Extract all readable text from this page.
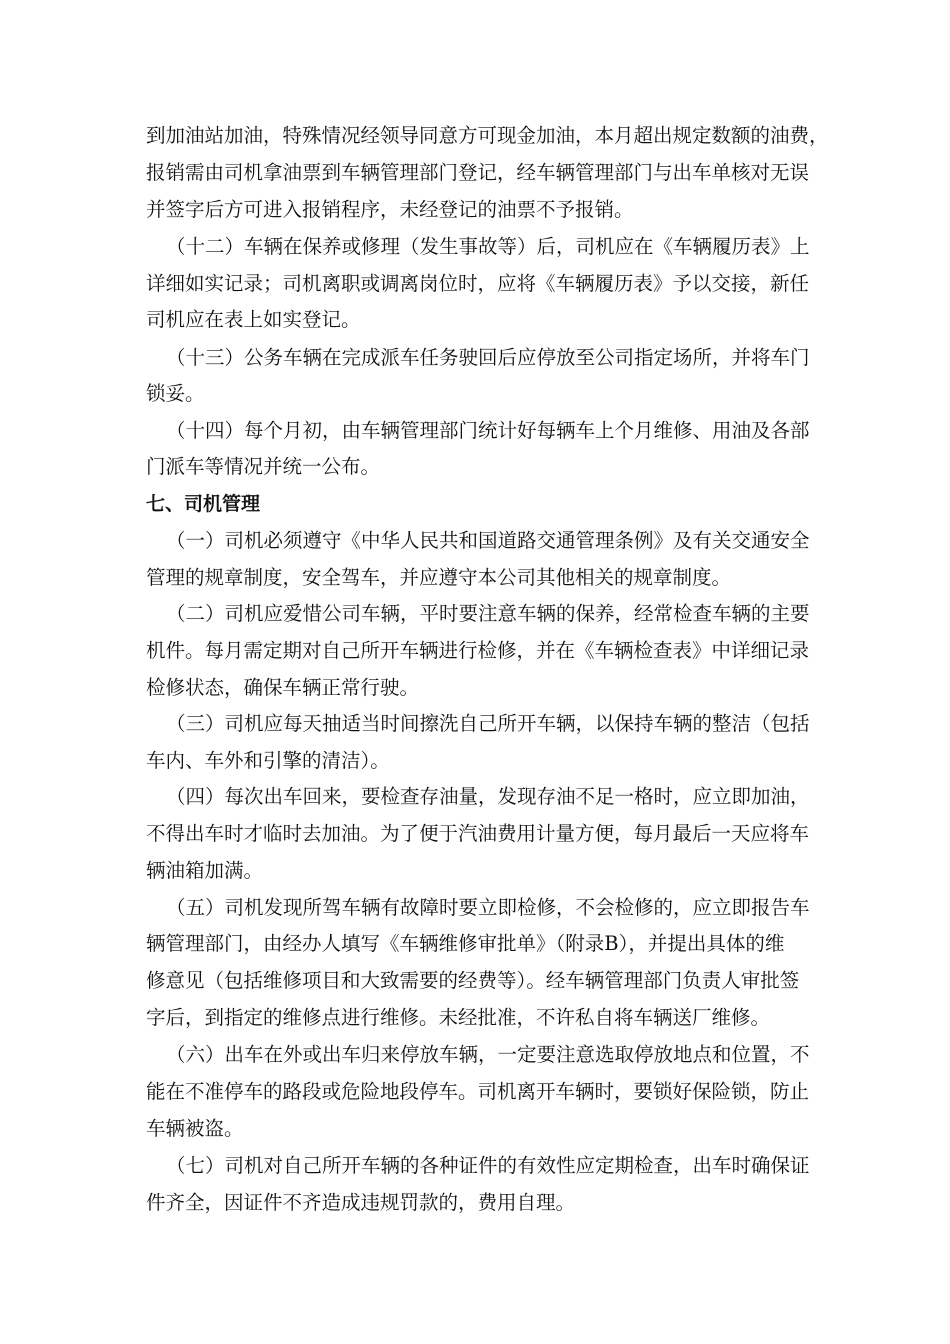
到加油站加油，特殊情况经领导同意方可现金加油，本月超出规定数额的油费，
报销需由司机拿油票到车辆管理部门登记，经车辆管理部门与出车单核对无误
并签字后方可进入报销程序，未经登记的油票不予报销。
（十二）车辆在保养或修理（发生事故等）后，司机应在《车辆履历表》上
详细如实记录；司机离职或调离岗位时，应将《车辆履历表》予以交接，新任
司机应在表上如实登记。
（十三）公务车辆在完成派车任务驶回后应停放至公司指定场所，并将车门
锁妥。
（十四）每个月初，由车辆管理部门统计好每辆车上个月维修、用油及各部
门派车等情况并统一公布。
七、司机管理
（一）司机必须遵守《中华人民共和国道路交通管理条例》及有关交通安全
管理的规章制度，安全驾车，并应遵守本公司其他相关的规章制度。
（二）司机应爱惜公司车辆，平时要注意车辆的保养，经常检查车辆的主要
机件。每月需定期对自己所开车辆进行检修，并在《车辆检查表》中详细记录
检修状态，确保车辆正常行驶。
（三）司机应每天抽适当时间擦洗自己所开车辆，以保持车辆的整洁（包括
车内、车外和引擎的清洁）。
（四）每次出车回来，要检查存油量，发现存油不足一格时，应立即加油，
不得出车时才临时去加油。为了便于汽油费用计量方便，每月最后一天应将车
辆油箱加满。
（五）司机发现所驾车辆有故障时要立即检修，不会检修的，应立即报告车
辆管理部门，由经办人填写《车辆维修审批单》（附录B），并提出具体的维
修意见（包括维修项目和大致需要的经费等）。经车辆管理部门负责人审批签
字后，到指定的维修点进行维修。未经批准，不许私自将车辆送厂维修。
（六）出车在外或出车归来停放车辆，一定要注意选取停放地点和位置，不
能在不准停车的路段或危险地段停车。司机离开车辆时，要锁好保险锁，防止
车辆被盗。
（七）司机对自己所开车辆的各种证件的有效性应定期检查，出车时确保证
件齐全，因证件不齐造成违规罚款的，费用自理。
